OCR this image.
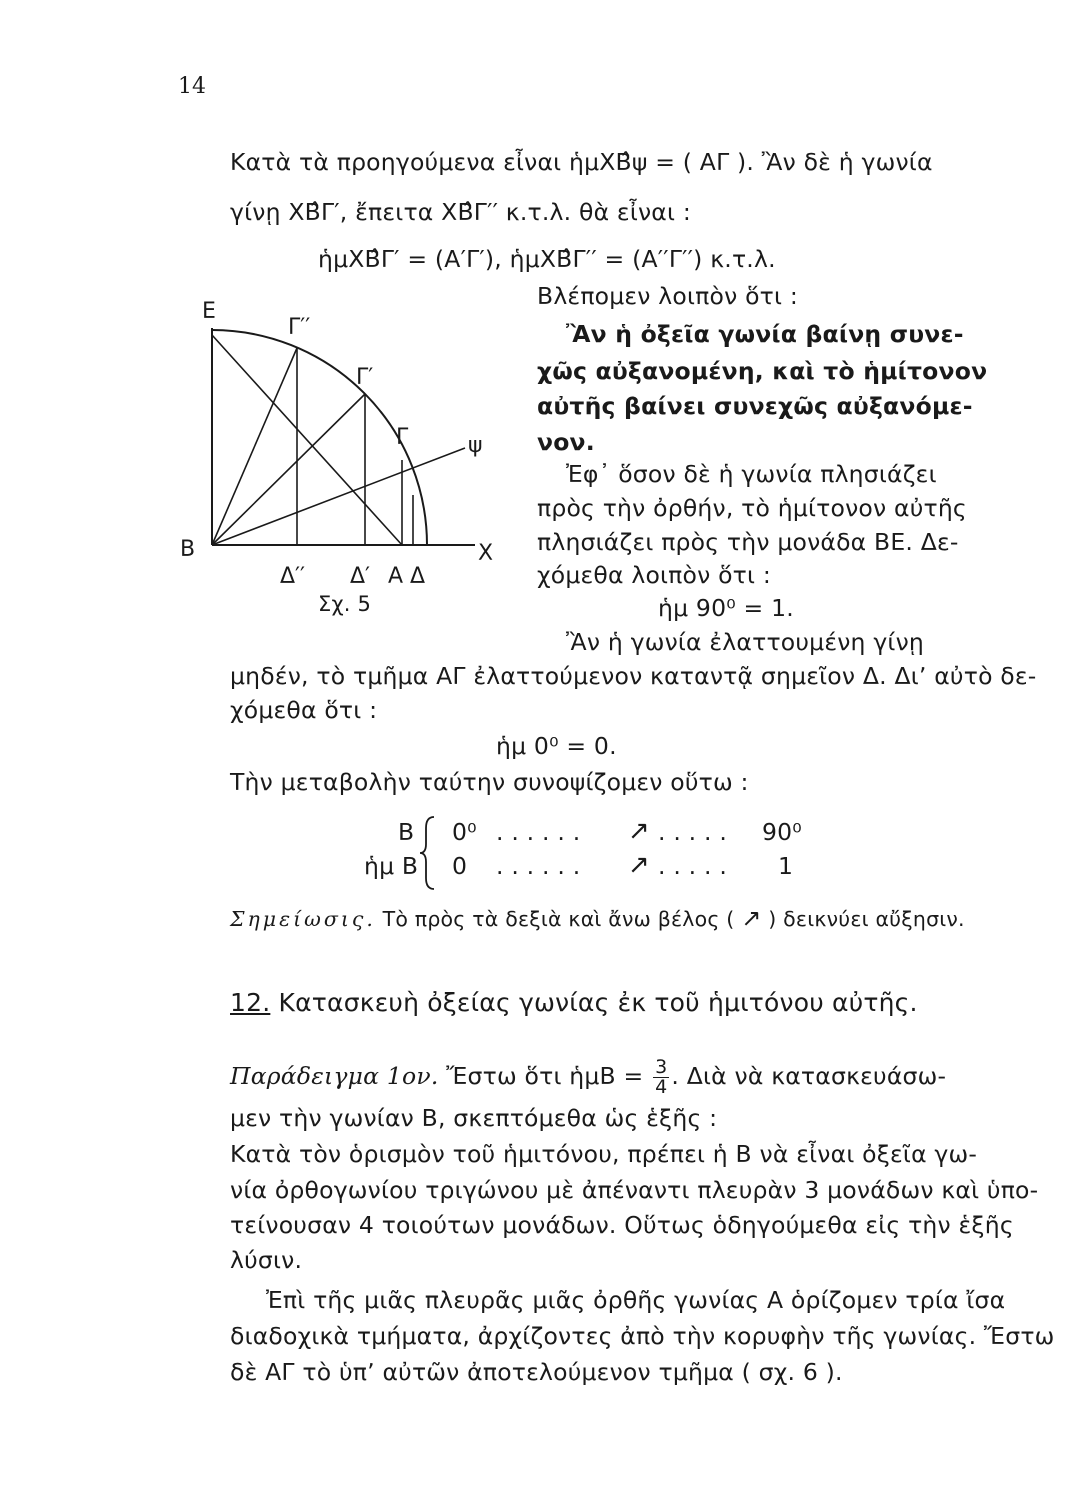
14
Κατὰ τὰ προηγούμενα εἶναι ἡμΧΒ̂ψ = ( ΑΓ ). Ἂν δὲ ἡ γωνία
γίνῃ ΧΒ̂Γ′, ἔπειτα ΧΒ̂Γ′′ κ.τ.λ. θὰ εἶναι :
ἡμΧΒ̂Γ′ = (Α′Γ′), ἡμΧΒ̂Γ′′ = (Α′′Γ′′) κ.τ.λ.
Ε
Γ′′
Γ′
Γ	ψ
Β	Χ
Δ′′ Δ′ Α Δ
Σχ. 5
Βλέπομεν λοιπὸν ὅτι :
Ἂν ἡ ὀξεῖα γωνία βαίνῃ συνε-
χῶς αὐξανομένη, καὶ τὸ ἡμίτονον
αὐτῆς βαίνει συνεχῶς αὐξανόμε-
νον.
Ἐφ᾽ ὅσον δὲ ἡ γωνία πλησιάζει
πρὸς τὴν ὀρθήν, τὸ ἡμίτονον αὐτῆς
πλησιάζει πρὸς τὴν μονάδα ΒΕ. Δε-
χόμεθα λοιπὸν ὅτι :
ἡμ 90⁰ = 1.
Ἂν ἡ γωνία ἐλαττουμένη γίνῃ
μηδέν, τὸ τμῆμα ΑΓ ἐλαττούμενον καταντᾷ σημεῖον Δ. Διʼ αὐτὸ δε-
χόμεθα ὅτι :
ἡμ 0⁰ = 0.
Τὴν μεταβολὴν ταύτην συνοψίζομεν οὕτω :
Β
ἡμ Β
0⁰ . . . . . . ↗ . . . . . 90⁰
0 . . . . . . ↗ . . . . . 1
Σημείωσις. Τὸ πρὸς τὰ δεξιὰ καὶ ἄνω βέλος ( ↗ ) δεικνύει αὔξησιν.
12. Κατασκευὴ ὀξείας γωνίας ἐκ τοῦ ἡμιτόνου αὐτῆς.
Παράδειγμα 1ον. Ἔστω ὅτι ἡμΒ = $\frac{3}{4}$ . Διὰ νὰ κατασκευάσω-
μεν τὴν γωνίαν Β, σκεπτόμεθα ὡς ἑξῆς :
Κατὰ τὸν ὁρισμὸν τοῦ ἡμιτόνου, πρέπει ἡ Β νὰ εἶναι ὀξεῖα γω-
νία ὀρθογωνίου τριγώνου μὲ ἀπέναντι πλευρὰν 3 μονάδων καὶ ὑπο-
τείνουσαν 4 τοιούτων μονάδων. Οὕτως ὁδηγούμεθα εἰς τὴν ἑξῆς
λύσιν.
Ἐπὶ τῆς μιᾶς πλευρᾶς μιᾶς ὀρθῆς γωνίας Α ὁρίζομεν τρία ἴσα
διαδοχικὰ τμήματα, ἀρχίζοντες ἀπὸ τὴν κορυφὴν τῆς γωνίας. Ἔστω
δὲ ΑΓ τὸ ὑπʼ αὐτῶν ἀποτελούμενον τμῆμα ( σχ. 6 ).
